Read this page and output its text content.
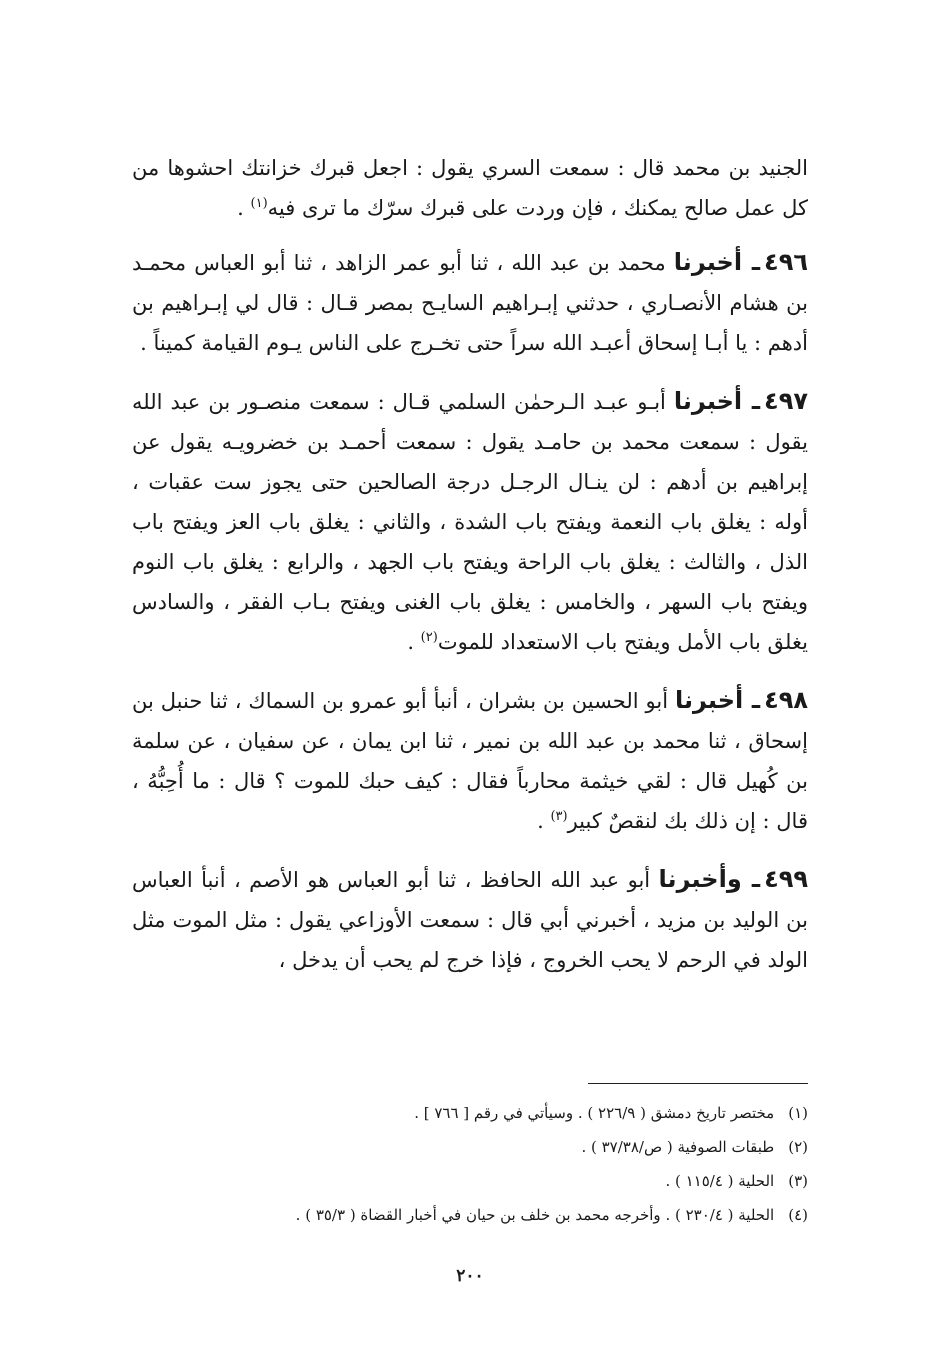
الجنيد بن محمد قال : سمعت السري يقول : اجعل قبرك خزانتك احشوها من كل عمل صالح يمكنك ، فإن وردت على قبرك سرّك ما ترى فيه$^{(١)}$ .

٤٩٦ـ أخبرنا محمد بن عبد الله ، ثنا أبو عمر الزاهد ، ثنا أبو العباس محمـد بن هشام الأنصـاري ، حدثني إبـراهيم السايـح بمصر قـال : قال لي إبـراهيم بن أدهم : يا أبـا إسحاق أعبـد الله سراً حتى تخـرج على الناس يـوم القيامة كميناً .

٤٩٧ـ أخبرنا أبـو عبـد الـرحمٰن السلمي قـال : سمعت منصـور بن عبد الله يقول : سمعت محمد بن حامـد يقول : سمعت أحمـد بن خضرويـه يقول عن إبراهيم بن أدهم : لن ينـال الرجـل درجة الصالحين حتى يجوز ست عقبات ، أوله : يغلق باب النعمة ويفتح باب الشدة ، والثاني : يغلق باب العز ويفتح باب الذل ، والثالث : يغلق باب الراحة ويفتح باب الجهد ، والرابع : يغلق باب النوم ويفتح باب السهر ، والخامس : يغلق باب الغنى ويفتح بـاب الفقر ، والسادس يغلق باب الأمل ويفتح باب الاستعداد للموت$^{(٢)}$ .

٤٩٨ـ أخبرنا أبو الحسين بن بشران ، أنبأ أبو عمرو بن السماك ، ثنا حنبل بن إسحاق ، ثنا محمد بن عبد الله بن نمير ، ثنا ابن يمان ، عن سفيان ، عن سلمة بن كُهيل قال : لقي خيثمة محارباً فقال : كيف حبك للموت ؟ قال : ما أُحِبُّهُ ، قال : إن ذلك بك لنقصٌ كبير$^{(٣)}$ .

٤٩٩ـ وأخبرنا أبو عبد الله الحافظ ، ثنا أبو العباس هو الأصم ، أنبأ العباس بن الوليد بن مزيد ، أخبرني أبي قال : سمعت الأوزاعي يقول : مثل الموت مثل الولد في الرحم لا يحب الخروج ، فإذا خرج لم يحب أن يدخل ،

(١)مختصر تاريخ دمشق ( ٢٢٦/٩ ) . وسيأتي في رقم [ ٧٦٦ ] .

(٢)طبقات الصوفية ( ص/٣٧/٣٨ ) .

(٣)الحلية ( ١١٥/٤ ) .

(٤)الحلية ( ٢٣٠/٤ ) . وأخرجه محمد بن خلف بن حيان في أخبار القضاة ( ٣٥/٣ ) .

٢٠٠
